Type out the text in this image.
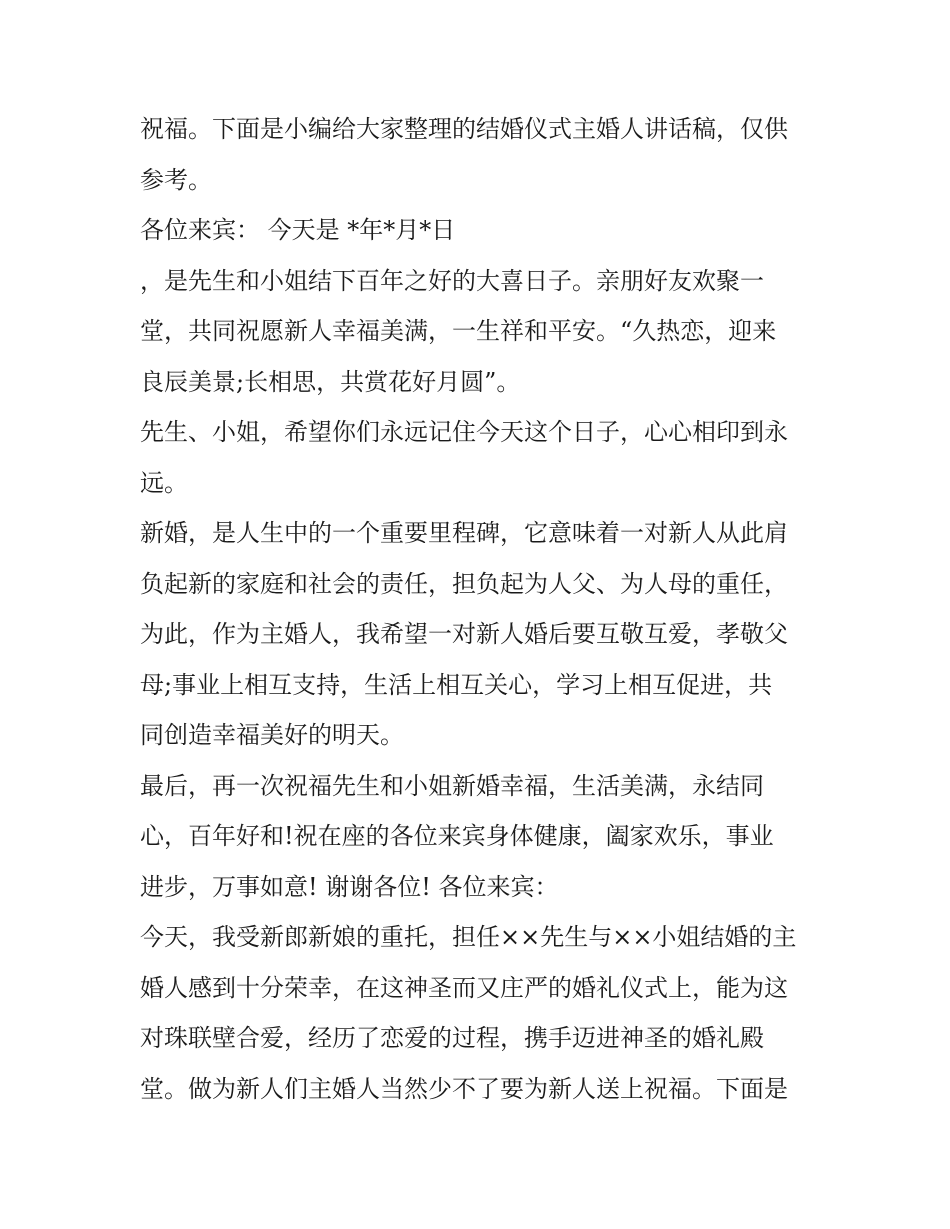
祝福。下面是小编给大家整理的结婚仪式主婚人讲话稿，仅供
参考。
各位来宾： 今天是 *年*月*日
，是先生和小姐结下百年之好的大喜日子。亲朋好友欢聚一
堂，共同祝愿新人幸福美满，一生祥和平安。“久热恋，迎来
良辰美景;长相思，共赏花好月圆”。
先生、小姐，希望你们永远记住今天这个日子，心心相印到永
远。
新婚，是人生中的一个重要里程碑，它意味着一对新人从此肩
负起新的家庭和社会的责任，担负起为人父、为人母的重任，
为此，作为主婚人，我希望一对新人婚后要互敬互爱，孝敬父
母;事业上相互支持，生活上相互关心，学习上相互促进，共
同创造幸福美好的明天。
最后，再一次祝福先生和小姐新婚幸福，生活美满，永结同
心，百年好和!祝在座的各位来宾身体健康，阖家欢乐，事业
进步，万事如意! 谢谢各位! 各位来宾：
今天，我受新郎新娘的重托，担任××先生与××小姐结婚的主
婚人感到十分荣幸，在这神圣而又庄严的婚礼仪式上，能为这
对珠联壁合爱，经历了恋爱的过程，携手迈进神圣的婚礼殿
堂。做为新人们主婚人当然少不了要为新人送上祝福。下面是
